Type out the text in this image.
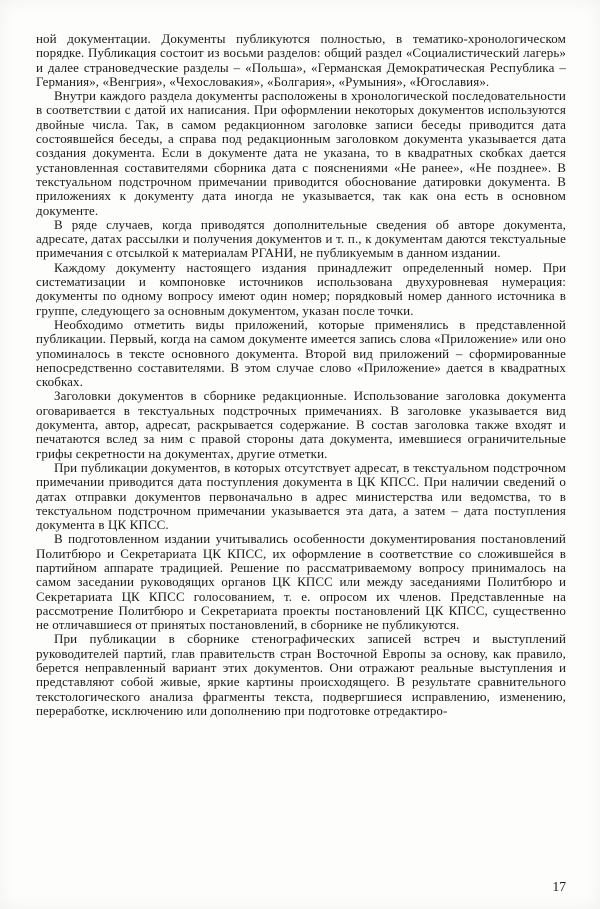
ной документации. Документы публикуются полностью, в тематико-хронологическом порядке. Публикация состоит из восьми разделов: общий раздел «Социалистический лагерь» и далее страноведческие разделы – «Польша», «Германская Демократическая Республика – Германия», «Венгрия», «Чехословакия», «Болгария», «Румыния», «Югославия».

Внутри каждого раздела документы расположены в хронологической последовательности в соответствии с датой их написания. При оформлении некоторых документов используются двойные числа. Так, в самом редакционном заголовке записи беседы приводится дата состоявшейся беседы, а справа под редакционным заголовком документа указывается дата создания документа. Если в документе дата не указана, то в квадратных скобках дается установленная составителями сборника дата с пояснениями «Не ранее», «Не позднее». В текстуальном подстрочном примечании приводится обоснование датировки документа. В приложениях к документу дата иногда не указывается, так как она есть в основном документе.

В ряде случаев, когда приводятся дополнительные сведения об авторе документа, адресате, датах рассылки и получения документов и т. п., к документам даются текстуальные примечания с отсылкой к материалам РГАНИ, не публикуемым в данном издании.

Каждому документу настоящего издания принадлежит определенный номер. При систематизации и компоновке источников использована двухуровневая нумерация: документы по одному вопросу имеют один номер; порядковый номер данного источника в группе, следующего за основным документом, указан после точки.

Необходимо отметить виды приложений, которые применялись в представленной публикации. Первый, когда на самом документе имеется запись слова «Приложение» или оно упоминалось в тексте основного документа. Второй вид приложений – сформированные непосредственно составителями. В этом случае слово «Приложение» дается в квадратных скобках.

Заголовки документов в сборнике редакционные. Использование заголовка документа оговаривается в текстуальных подстрочных примечаниях. В заголовке указывается вид документа, автор, адресат, раскрывается содержание. В состав заголовка также входят и печатаются вслед за ним с правой стороны дата документа, имевшиеся ограничительные грифы секретности на документах, другие отметки.

При публикации документов, в которых отсутствует адресат, в текстуальном подстрочном примечании приводится дата поступления документа в ЦК КПСС. При наличии сведений о датах отправки документов первоначально в адрес министерства или ведомства, то в текстуальном подстрочном примечании указывается эта дата, а затем – дата поступления документа в ЦК КПСС.

В подготовленном издании учитывались особенности документирования постановлений Политбюро и Секретариата ЦК КПСС, их оформление в соответствие со сложившейся в партийном аппарате традицией. Решение по рассматриваемому вопросу принималось на самом заседании руководящих органов ЦК КПСС или между заседаниями Политбюро и Секретариата ЦК КПСС голосованием, т. е. опросом их членов. Представленные на рассмотрение Политбюро и Секретариата проекты постановлений ЦК КПСС, существенно не отличавшиеся от принятых постановлений, в сборнике не публикуются.

При публикации в сборнике стенографических записей встреч и выступлений руководителей партий, глав правительств стран Восточной Европы за основу, как правило, берется неправленный вариант этих документов. Они отражают реальные выступления и представляют собой живые, яркие картины происходящего. В результате сравнительного текстологического анализа фрагменты текста, подвергшиеся исправлению, изменению, переработке, исключению или дополнению при подготовке отредактиро-

17
